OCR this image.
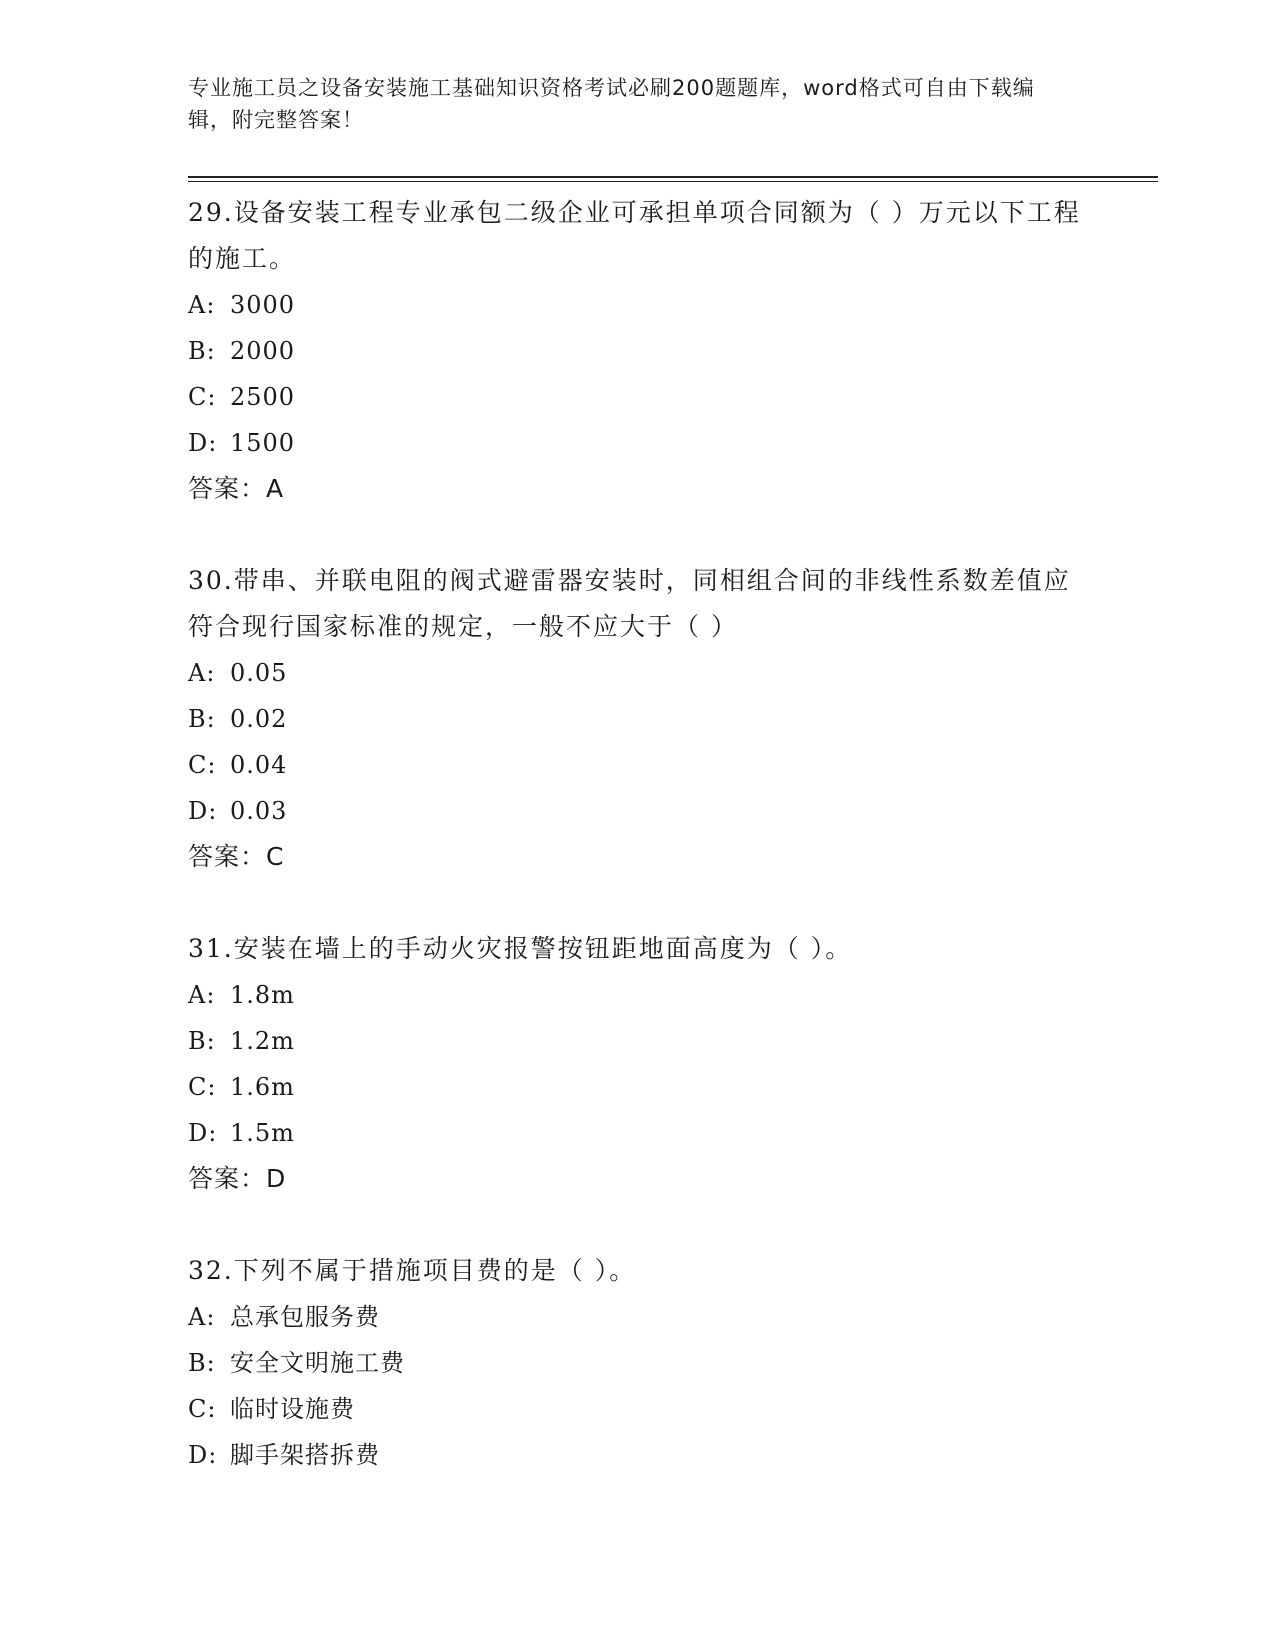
专业施工员之设备安装施工基础知识资格考试必刷200题题库，word格式可自由下载编辑，附完整答案！
29.设备安装工程专业承包二级企业可承担单项合同额为（ ）万元以下工程的施工。
A: 3000
B: 2000
C: 2500
D: 1500
答案：A
30.带串、并联电阻的阀式避雷器安装时，同相组合间的非线性系数差值应符合现行国家标准的规定，一般不应大于（ ）
A: 0.05
B: 0.02
C: 0.04
D: 0.03
答案：C
31.安装在墙上的手动火灾报警按钮距地面高度为（ ）。
A: 1.8m
B: 1.2m
C: 1.6m
D: 1.5m
答案：D
32.下列不属于措施项目费的是（ ）。
A: 总承包服务费
B: 安全文明施工费
C: 临时设施费
D: 脚手架搭拆费
